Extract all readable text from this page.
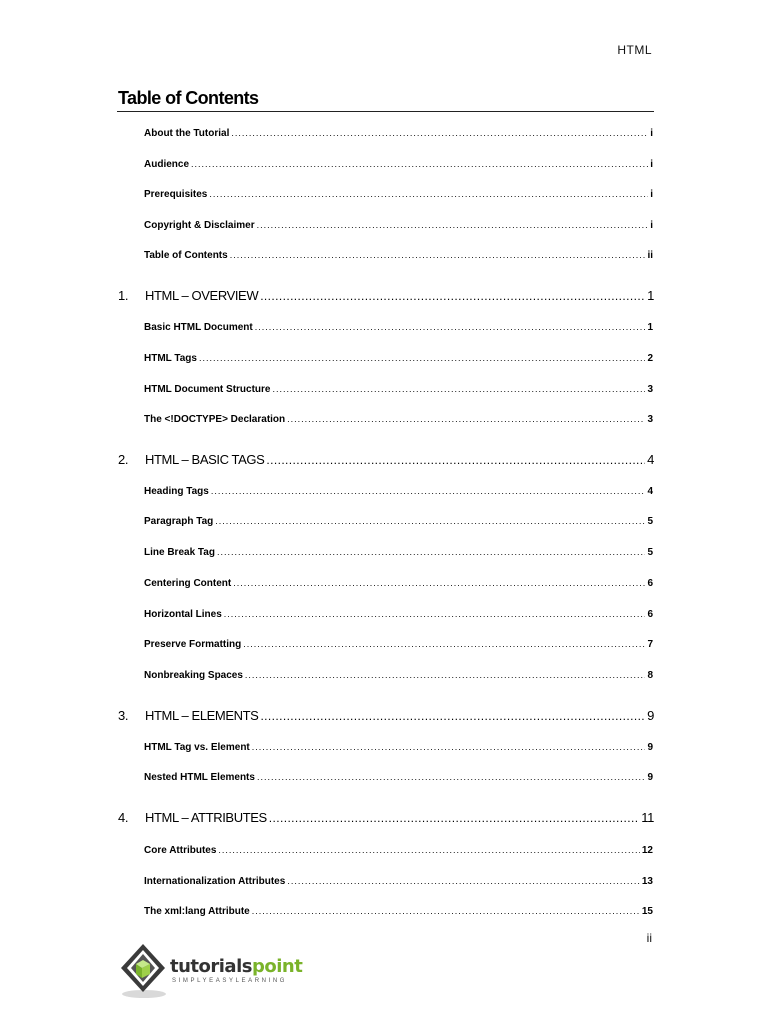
HTML
Table of Contents
About the Tutorial .....	i
Audience .....	i
Prerequisites .....	i
Copyright & Disclaimer .....	i
Table of Contents .....	ii
1.	HTML – OVERVIEW .....	1
Basic HTML Document .....	1
HTML Tags .....	2
HTML Document Structure .....	3
The <!DOCTYPE> Declaration .....	3
2.	HTML – BASIC TAGS .....	4
Heading Tags .....	4
Paragraph Tag .....	5
Line Break Tag .....	5
Centering Content .....	6
Horizontal Lines .....	6
Preserve Formatting .....	7
Nonbreaking Spaces .....	8
3.	HTML – ELEMENTS .....	9
HTML Tag vs. Element .....	9
Nested HTML Elements .....	9
4.	HTML – ATTRIBUTES .....	11
Core Attributes .....	12
Internationalization Attributes .....	13
The xml:lang Attribute .....	15
ii
tutorialspoint
SIMPLYEASYLEARNING
